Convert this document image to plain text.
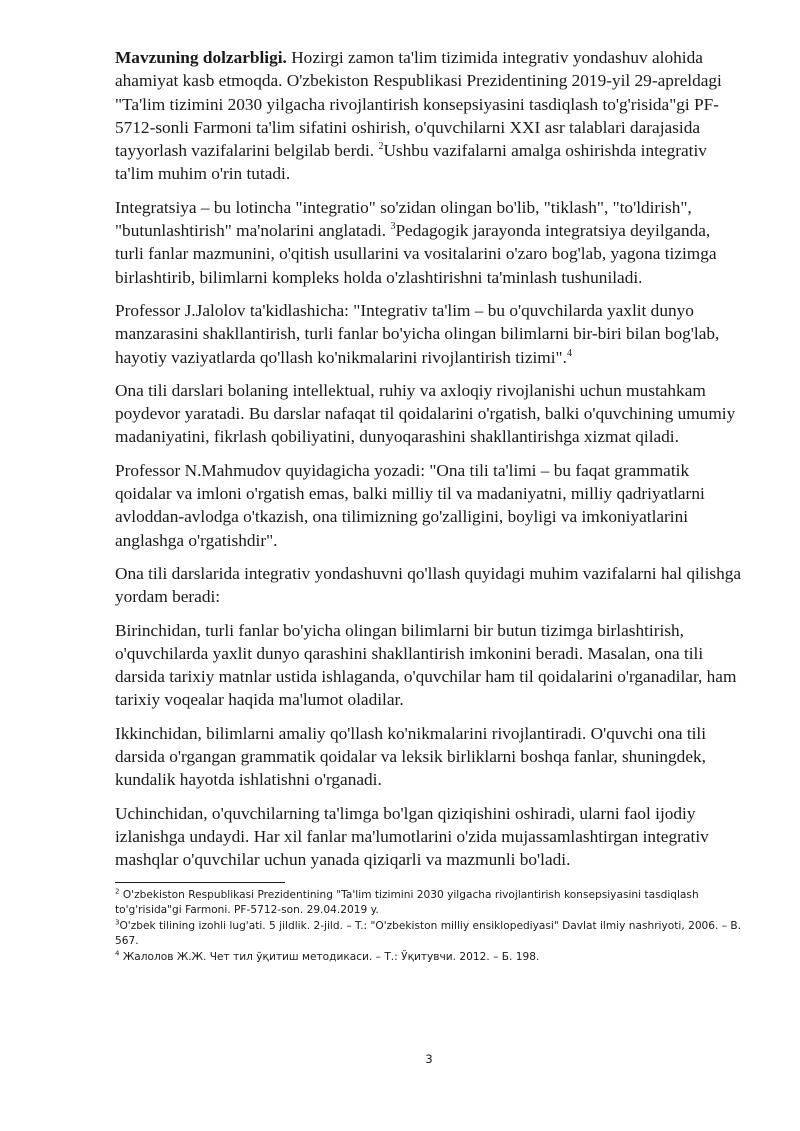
Mavzuning dolzarbligi. Hozirgi zamon ta'lim tizimida integrativ yondashuv alohida ahamiyat kasb etmoqda. O'zbekiston Respublikasi Prezidentining 2019-yil 29-apreldagi "Ta'lim tizimini 2030 yilgacha rivojlantirish konsepsiyasini tasdiqlash to'g'risida"gi PF-5712-sonli Farmoni ta'lim sifatini oshirish, o'quvchilarni XXI asr talablari darajasida tayyorlash vazifalarini belgilab berdi. $^2$Ushbu vazifalarni amalga oshirishda integrativ ta'lim muhim o'rin tutadi.

Integratsiya – bu lotincha "integratio" so'zidan olingan bo'lib, "tiklash", "to'ldirish", "butunlashtirish" ma'nolarini anglatadi. $^3$Pedagogik jarayonda integratsiya deyilganda, turli fanlar mazmunini, o'qitish usullarini va vositalarini o'zaro bog'lab, yagona tizimga birlashtirib, bilimlarni kompleks holda o'zlashtirishni ta'minlash tushuniladi.

Professor J.Jalolov ta'kidlashicha: "Integrativ ta'lim – bu o'quvchilarda yaxlit dunyo manzarasini shakllantirish, turli fanlar bo'yicha olingan bilimlarni bir-biri bilan bog'lab, hayotiy vaziyatlarda qo'llash ko'nikmalarini rivojlantirish tizimi".$^4$

Ona tili darslari bolaning intellektual, ruhiy va axloqiy rivojlanishi uchun mustahkam poydevor yaratadi. Bu darslar nafaqat til qoidalarini o'rgatish, balki o'quvchining umumiy madaniyatini, fikrlash qobiliyatini, dunyoqarashini shakllantirishga xizmat qiladi.

Professor N.Mahmudov quyidagicha yozadi: "Ona tili ta'limi – bu faqat grammatik qoidalar va imloni o'rgatish emas, balki milliy til va madaniyatni, milliy qadriyatlarni avloddan-avlodga o'tkazish, ona tilimizning go'zalligini, boyligi va imkoniyatlarini anglashga o'rgatishdir".

Ona tili darslarida integrativ yondashuvni qo'llash quyidagi muhim vazifalarni hal qilishga yordam beradi:

Birinchidan, turli fanlar bo'yicha olingan bilimlarni bir butun tizimga birlashtirish, o'quvchilarda yaxlit dunyo qarashini shakllantirish imkonini beradi. Masalan, ona tili darsida tarixiy matnlar ustida ishlaganda, o'quvchilar ham til qoidalarini o'rganadilar, ham tarixiy voqealar haqida ma'lumot oladilar.

Ikkinchidan, bilimlarni amaliy qo'llash ko'nikmalarini rivojlantiradi. O'quvchi ona tili darsida o'rgangan grammatik qoidalar va leksik birliklarni boshqa fanlar, shuningdek, kundalik hayotda ishlatishni o'rganadi.

Uchinchidan, o'quvchilarning ta'limga bo'lgan qiziqishini oshiradi, ularni faol ijodiy izlanishga undaydi. Har xil fanlar ma'lumotlarini o'zida mujassamlashtirgan integrativ mashqlar o'quvchilar uchun yanada qiziqarli va mazmunli bo'ladi.

$^2$ O'zbekiston Respublikasi Prezidentining "Ta'lim tizimini 2030 yilgacha rivojlantirish konsepsiyasini tasdiqlash to'g'risida"gi Farmoni. PF-5712-son. 29.04.2019 y.

$^3$O'zbek tilining izohli lug'ati. 5 jildlik. 2-jild. – T.: "O'zbekiston milliy ensiklopediyasi" Davlat ilmiy nashriyoti, 2006. – B. 567.

$^4$ Жалолов Ж.Ж. Чет тил ўқитиш методикаси. – Т.: Ўқитувчи. 2012. – Б. 198.

3
